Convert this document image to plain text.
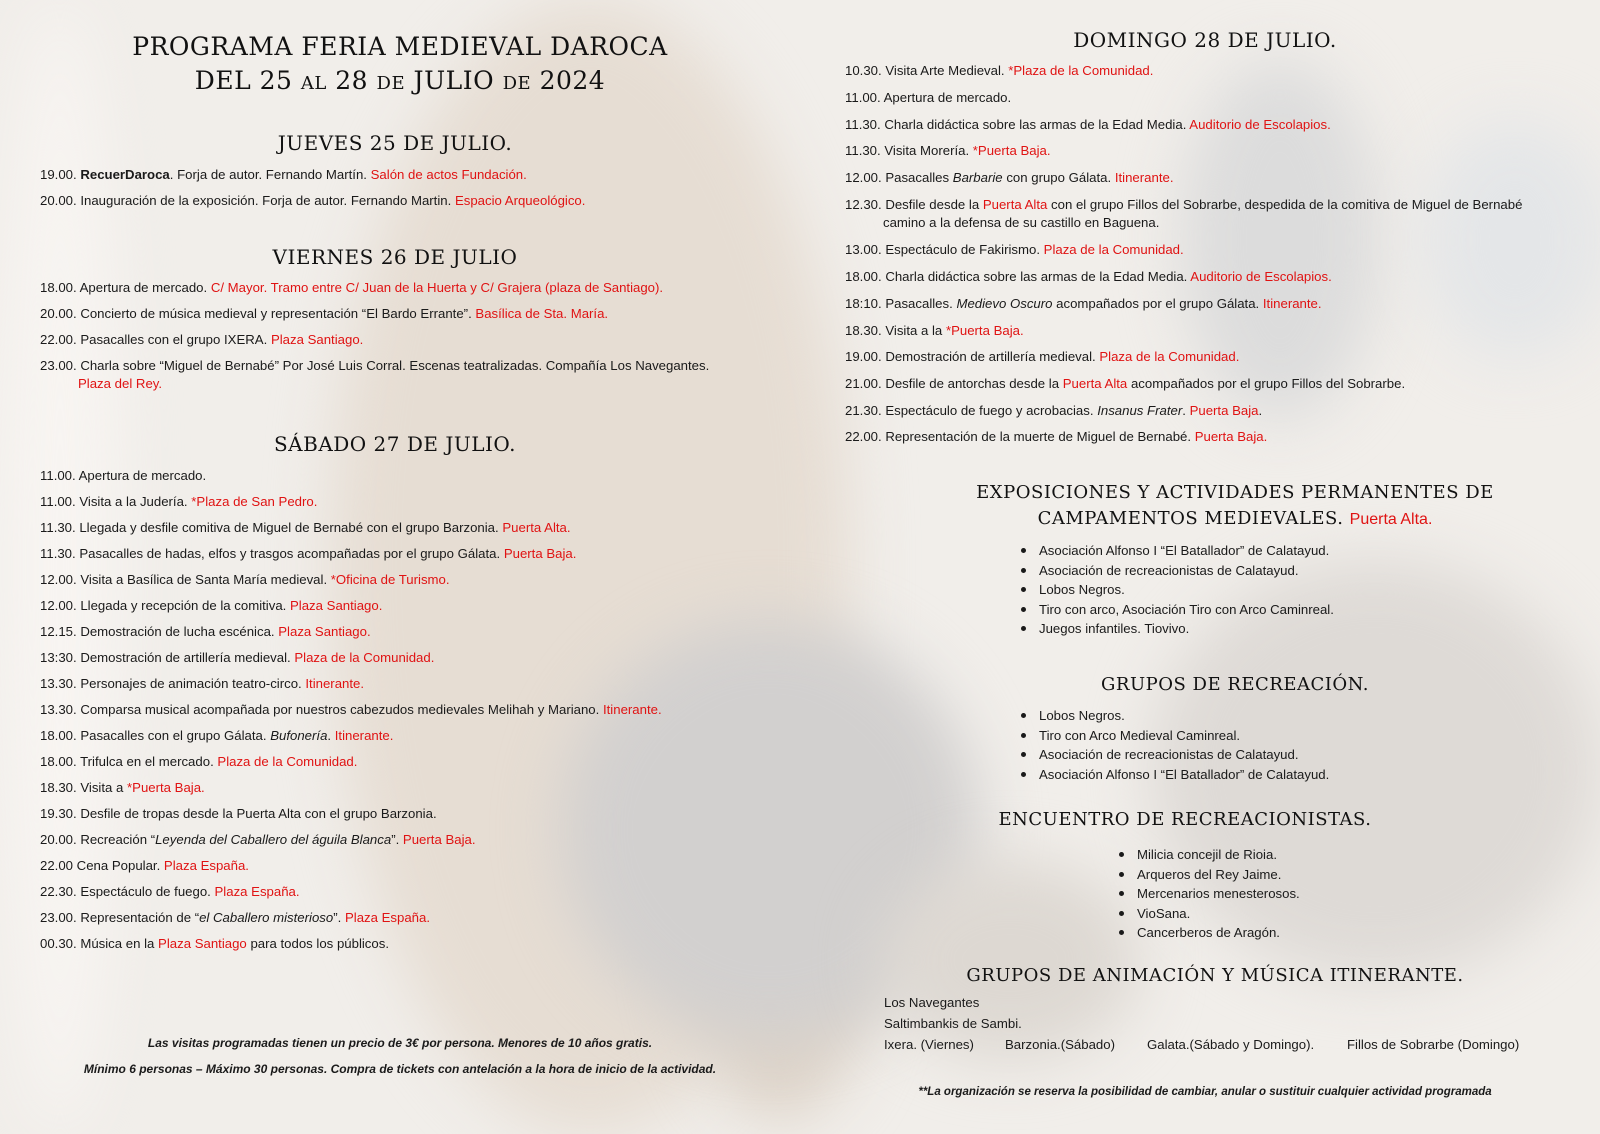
PROGRAMA FERIA MEDIEVAL DAROCA
DEL 25 al 28 de JULIO de 2024
JUEVES 25 DE JULIO.
19.00. RecuerDaroca. Forja de autor. Fernando Martín. Salón de actos Fundación.
20.00. Inauguración de la exposición. Forja de autor. Fernando Martin. Espacio Arqueológico.
VIERNES 26 DE JULIO
18.00. Apertura de mercado. C/ Mayor. Tramo entre C/ Juan de la Huerta y C/ Grajera (plaza de Santiago).
20.00. Concierto de música medieval y representación “El Bardo Errante”. Basílica de Sta. María.
22.00. Pasacalles con el grupo IXERA. Plaza Santiago.
23.00. Charla sobre “Miguel de Bernabé” Por José Luis Corral. Escenas teatralizadas. Compañía Los Navegantes.
Plaza del Rey.
SÁBADO 27 DE JULIO.
11.00. Apertura de mercado.
11.00. Visita a la Judería. *Plaza de San Pedro.
11.30. Llegada y desfile comitiva de Miguel de Bernabé con el grupo Barzonia. Puerta Alta.
11.30. Pasacalles de hadas, elfos y trasgos acompañadas por el grupo Gálata. Puerta Baja.
12.00. Visita a Basílica de Santa María medieval. *Oficina de Turismo.
12.00. Llegada y recepción de la comitiva. Plaza Santiago.
12.15. Demostración de lucha escénica. Plaza Santiago.
13:30. Demostración de artillería medieval. Plaza de la Comunidad.
13.30. Personajes de animación teatro-circo. Itinerante.
13.30. Comparsa musical acompañada por nuestros cabezudos medievales Melihah y Mariano. Itinerante.
18.00. Pasacalles con el grupo Gálata. Bufonería. Itinerante.
18.00. Trifulca en el mercado. Plaza de la Comunidad.
18.30. Visita a *Puerta Baja.
19.30. Desfile de tropas desde la Puerta Alta con el grupo Barzonia.
20.00. Recreación “Leyenda del Caballero del águila Blanca”. Puerta Baja.
22.00 Cena Popular. Plaza España.
22.30. Espectáculo de fuego. Plaza España.
23.00. Representación de “el Caballero misterioso”. Plaza España.
00.30. Música en la Plaza Santiago para todos los públicos.
Las visitas programadas tienen un precio de 3€ por persona. Menores de 10 años gratis.
Mínimo 6 personas – Máximo 30 personas. Compra de tickets con antelación a la hora de inicio de la actividad.
DOMINGO 28 DE JULIO.
10.30. Visita Arte Medieval. *Plaza de la Comunidad.
11.00. Apertura de mercado.
11.30. Charla didáctica sobre las armas de la Edad Media. Auditorio de Escolapios.
11.30. Visita Morería. *Puerta Baja.
12.00. Pasacalles Barbarie con grupo Gálata. Itinerante.
12.30. Desfile desde la Puerta Alta con el grupo Fillos del Sobrarbe, despedida de la comitiva de Miguel de Bernabé
camino a la defensa de su castillo en Baguena.
13.00. Espectáculo de Fakirismo. Plaza de la Comunidad.
18.00. Charla didáctica sobre las armas de la Edad Media. Auditorio de Escolapios.
18:10. Pasacalles. Medievo Oscuro acompañados por el grupo Gálata. Itinerante.
18.30. Visita a la *Puerta Baja.
19.00. Demostración de artillería medieval. Plaza de la Comunidad.
21.00. Desfile de antorchas desde la Puerta Alta acompañados por el grupo Fillos del Sobrarbe.
21.30. Espectáculo de fuego y acrobacias. Insanus Frater. Puerta Baja.
22.00. Representación de la muerte de Miguel de Bernabé. Puerta Baja.
EXPOSICIONES Y ACTIVIDADES PERMANENTES DE
CAMPAMENTOS MEDIEVALES. Puerta Alta.
Asociación Alfonso I “El Batallador” de Calatayud.
Asociación de recreacionistas de Calatayud.
Lobos Negros.
Tiro con arco, Asociación Tiro con Arco Caminreal.
Juegos infantiles. Tiovivo.
GRUPOS DE RECREACIÓN.
Lobos Negros.
Tiro con Arco Medieval Caminreal.
Asociación de recreacionistas de Calatayud.
Asociación Alfonso I “El Batallador” de Calatayud.
ENCUENTRO DE RECREACIONISTAS.
Milicia concejil de Rioia.
Arqueros del Rey Jaime.
Mercenarios menesterosos.
VioSana.
Cancerberos de Aragón.
GRUPOS DE ANIMACIÓN Y MÚSICA ITINERANTE.
Los Navegantes
Saltimbankis de Sambi.
Ixera. (Viernes) Barzonia.(Sábado) Galata.(Sábado y Domingo). Fillos de Sobrarbe (Domingo)
**La organización se reserva la posibilidad de cambiar, anular o sustituir cualquier actividad programada
